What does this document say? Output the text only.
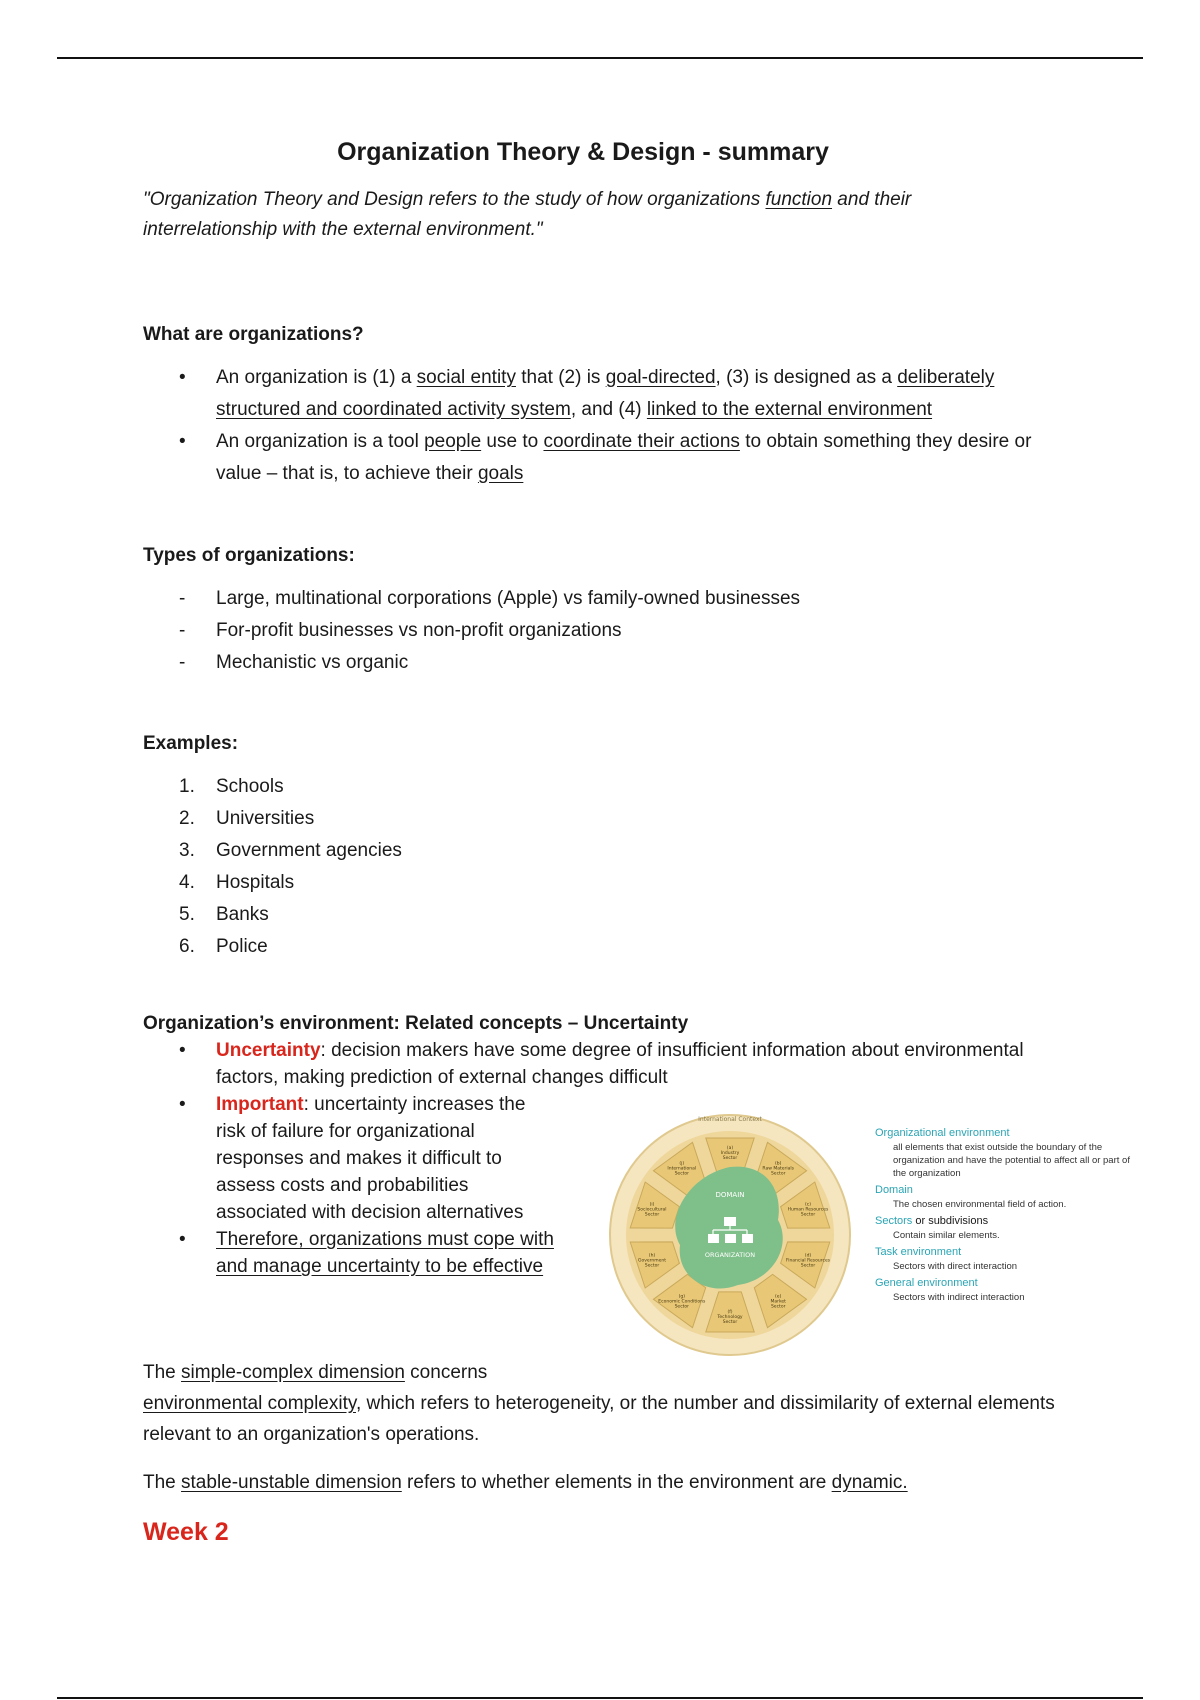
Organization Theory & Design - summary
"Organization Theory and Design refers to the study of how organizations function and their interrelationship with the external environment."
What are organizations?
• An organization is (1) a social entity that (2) is goal-directed, (3) is designed as a deliberately structured and coordinated activity system, and (4) linked to the external environment
• An organization is a tool people use to coordinate their actions to obtain something they desire or value – that is, to achieve their goals
Types of organizations:
- Large, multinational corporations (Apple) vs family-owned businesses
- For-profit businesses vs non-profit organizations
- Mechanistic vs organic
Examples:
1. Schools
2. Universities
3. Government agencies
4. Hospitals
5. Banks
6. Police
Organization’s environment: Related concepts – Uncertainty
• Uncertainty: decision makers have some degree of insufficient information about environmental factors, making prediction of external changes difficult
• Important: uncertainty increases the risk of failure for organizational responses and makes it difficult to assess costs and probabilities associated with decision alternatives
• Therefore, organizations must cope with and manage uncertainty to be effective
DOMAIN
ORGANIZATION
International Context
(a) Industry Sector
(b) Raw Materials Sector
(c) Human Resources Sector
(d) Financial Resources Sector
(e) Market Sector
(f) Technology Sector
(g) Economic Conditions Sector
(h) Government Sector
(i) Sociocultural Sector
(j) International Sector
Organizational environment
all elements that exist outside the boundary of the organization and have the potential to affect all or part of the organization
Domain
The chosen environmental field of action.
Sectors or subdivisions
Contain similar elements.
Task environment
Sectors with direct interaction
General environment
Sectors with indirect interaction
The simple-complex dimension concerns
environmental complexity, which refers to heterogeneity, or the number and dissimilarity of external elements relevant to an organization's operations.
The stable-unstable dimension refers to whether elements in the environment are dynamic.
Week 2
